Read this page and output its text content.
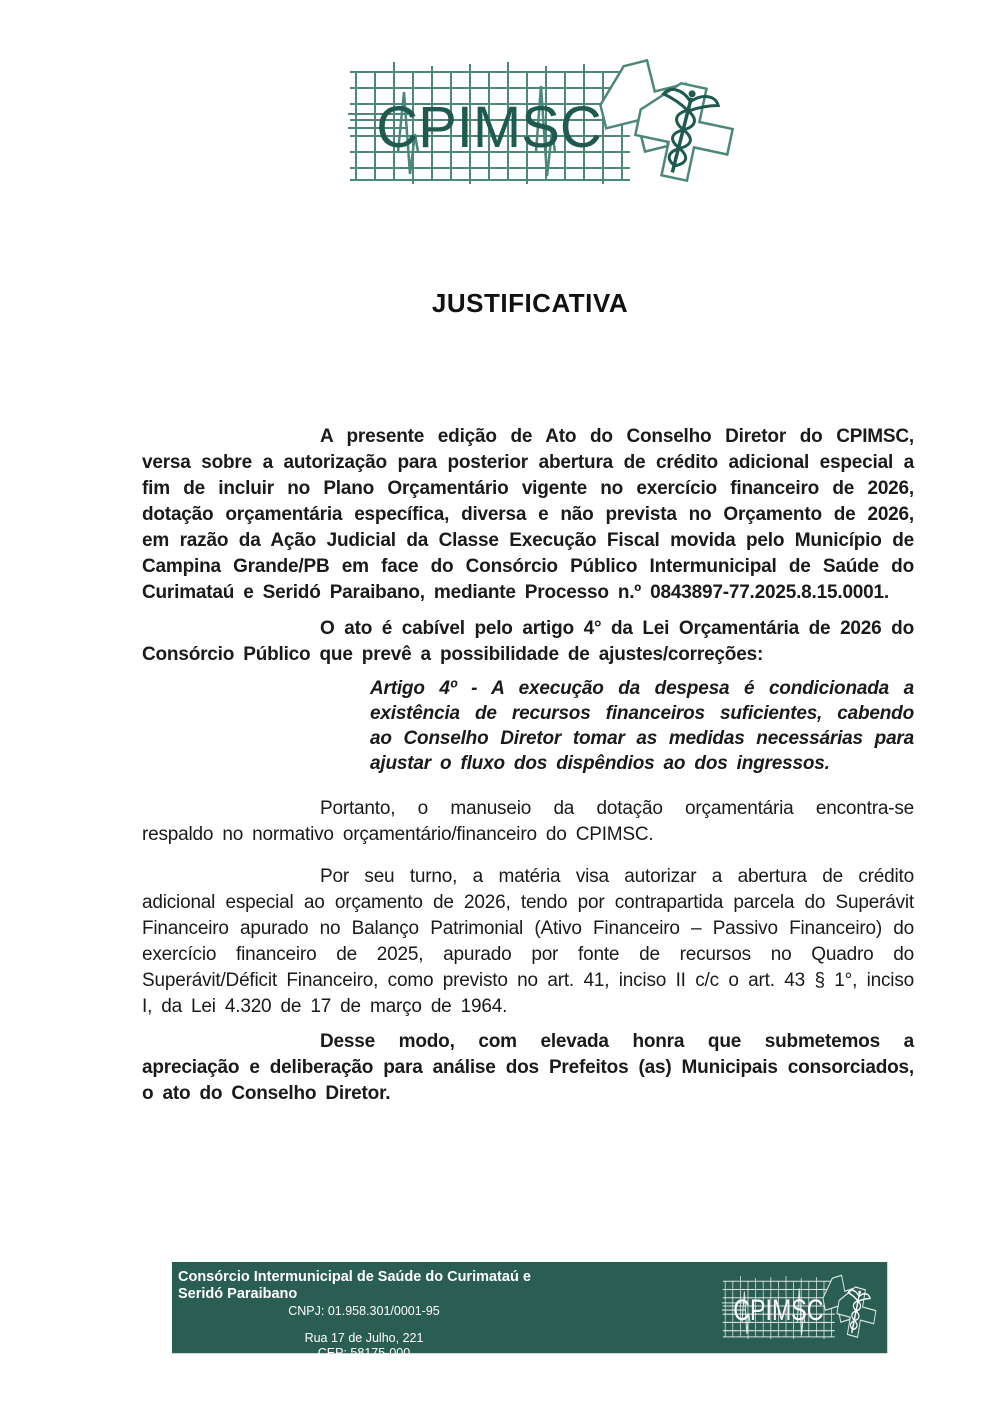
JUSTIFICATIVA

A presente edição de Ato do Conselho Diretor do CPIMSC, versa sobre a autorização para posterior abertura de crédito adicional especial a fim de incluir no Plano Orçamentário vigente no exercício financeiro de 2026, dotação orçamentária específica, diversa e não prevista no Orçamento de 2026, em razão da Ação Judicial da Classe Execução Fiscal movida pelo Município de Campina Grande/PB em face do Consórcio Público Intermunicipal de Saúde do Curimataú e Seridó Paraibano, mediante Processo n.º 0843897-77.2025.8.15.0001.

O ato é cabível pelo artigo 4° da Lei Orçamentária de 2026 do Consórcio Público que prevê a possibilidade de ajustes/correções:

Artigo 4º - A execução da despesa é condicionada a existência de recursos financeiros suficientes, cabendo ao Conselho Diretor tomar as medidas necessárias para ajustar o fluxo dos dispêndios ao dos ingressos.

Portanto, o manuseio da dotação orçamentária encontra-se respaldo no normativo orçamentário/financeiro do CPIMSC.

Por seu turno, a matéria visa autorizar a abertura de crédito adicional especial ao orçamento de 2026, tendo por contrapartida parcela do Superávit Financeiro apurado no Balanço Patrimonial (Ativo Financeiro – Passivo Financeiro) do exercício financeiro de 2025, apurado por fonte de recursos no Quadro do Superávit/Déficit Financeiro, como previsto no art. 41, inciso II c/c o art. 43 § 1°, inciso I, da Lei 4.320 de 17 de março de 1964.

Desse modo, com elevada honra que submetemos a apreciação e deliberação para análise dos Prefeitos (as) Municipais consorciados, o ato do Conselho Diretor.

Consórcio Intermunicipal de Saúde do Curimataú e Seridó Paraibano
CNPJ: 01.958.301/0001-95
Rua 17 de Julho, 221
CEP: 58175-000
Cuité/PB/PB
